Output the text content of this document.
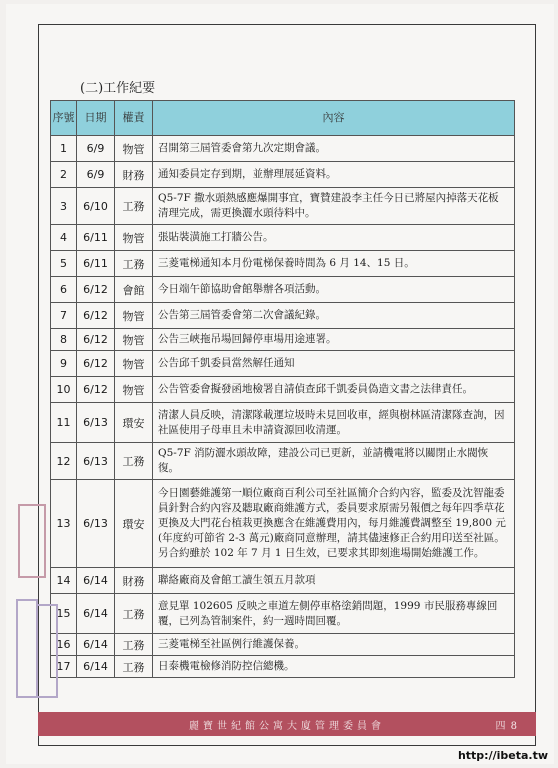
(二)工作紀要
序號	日期	權責	內容
1	6/9	物管	召開第三屆管委會第九次定期會議。
2	6/9	財務	通知委員定存到期，並辦理展延資料。
3	6/10	工務	Q5-7F 撒水頭熱感應爆開事宜，寶贊建設李主任今日已將屋內掉落天花板清理完成，需更換灑水頭待料中。
4	6/11	物管	張貼裝潢施工打牆公告。
5	6/11	工務	三菱電梯通知本月份電梯保養時間為 6 月 14、15 日。
6	6/12	會館	今日端午節協助會館舉辦各項活動。
7	6/12	物管	公告第三屆管委會第二次會議紀錄。
8	6/12	物管	公告三峽拖吊場回歸停車場用途連署。
9	6/12	物管	公告邱千凱委員當然解任通知
10	6/12	物管	公告管委會擬發函地檢署自請偵查邱千凱委員偽造文書之法律責任。
11	6/13	環安	清潔人員反映，清潔隊載運垃圾時未見回收車，經與樹林區清潔隊查詢，因社區使用子母車且未申請資源回收清運。
12	6/13	工務	Q5-7F 消防灑水頭故障，建設公司已更新，並請機電將以關閉止水閥恢復。
13	6/13	環安	今日園藝維護第一順位廠商百利公司至社區簡介合約內容，監委及沈智龍委員針對合約內容及聽取廠商維護方式，委員要求原需另報價之每年四季草花更換及大門花台植栽更換應含在維護費用內，每月維護費調整至 19,800 元(年度約可節省 2-3 萬元)廠商同意辦理，請其儘速修正合約用印送至社區。另合約雖於 102 年 7 月 1 日生效，已要求其即刻進場開始維護工作。
14	6/14	財務	聯絡廠商及會館工讀生領五月款項
15	6/14	工務	意見單 102605 反映之車道左側停車格塗銷問題，1999 市民服務專線回覆，已列為管制案件，約一週時間回覆。
16	6/14	工務	三菱電梯至社區例行維護保養。
17	6/14	工務	日泰機電檢修消防控信總機。
麗寶世紀館公寓大廈管理委員會	四 8
http://ibeta.tw
